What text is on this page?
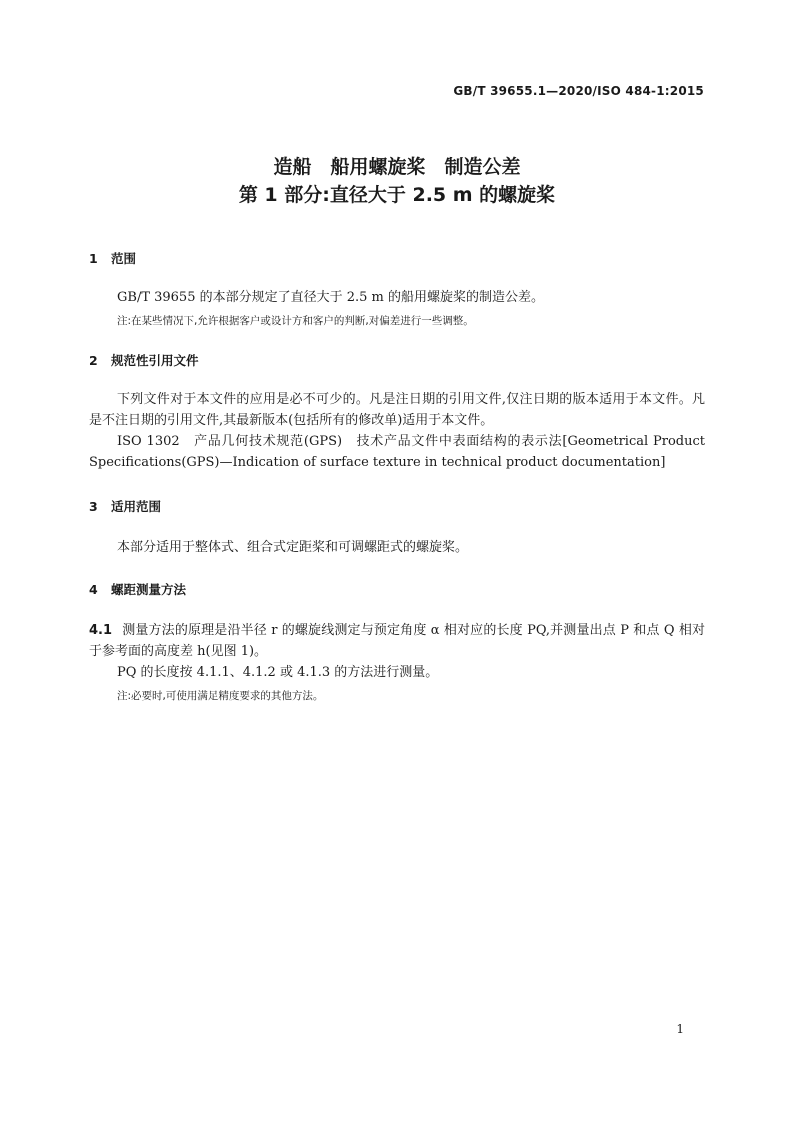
GB/T 39655.1—2020/ISO 484-1:2015
造船　船用螺旋桨　制造公差
第 1 部分:直径大于 2.5 m 的螺旋桨
1 范围
GB/T 39655 的本部分规定了直径大于 2.5 m 的船用螺旋桨的制造公差。
注:在某些情况下,允许根据客户或设计方和客户的判断,对偏差进行一些调整。
2 规范性引用文件
下列文件对于本文件的应用是必不可少的。凡是注日期的引用文件,仅注日期的版本适用于本文件。凡是不注日期的引用文件,其最新版本(包括所有的修改单)适用于本文件。
ISO 1302　产品几何技术规范(GPS)　技术产品文件中表面结构的表示法[Geometrical Product Specifications(GPS)—Indication of surface texture in technical product documentation]
3 适用范围
本部分适用于整体式、组合式定距桨和可调螺距式的螺旋桨。
4 螺距测量方法
4.1 测量方法的原理是沿半径 r 的螺旋线测定与预定角度 α 相对应的长度 PQ,并测量出点 P 和点 Q 相对于参考面的高度差 h(见图 1)。
PQ 的长度按 4.1.1、4.1.2 或 4.1.3 的方法进行测量。
注:必要时,可使用满足精度要求的其他方法。
1
